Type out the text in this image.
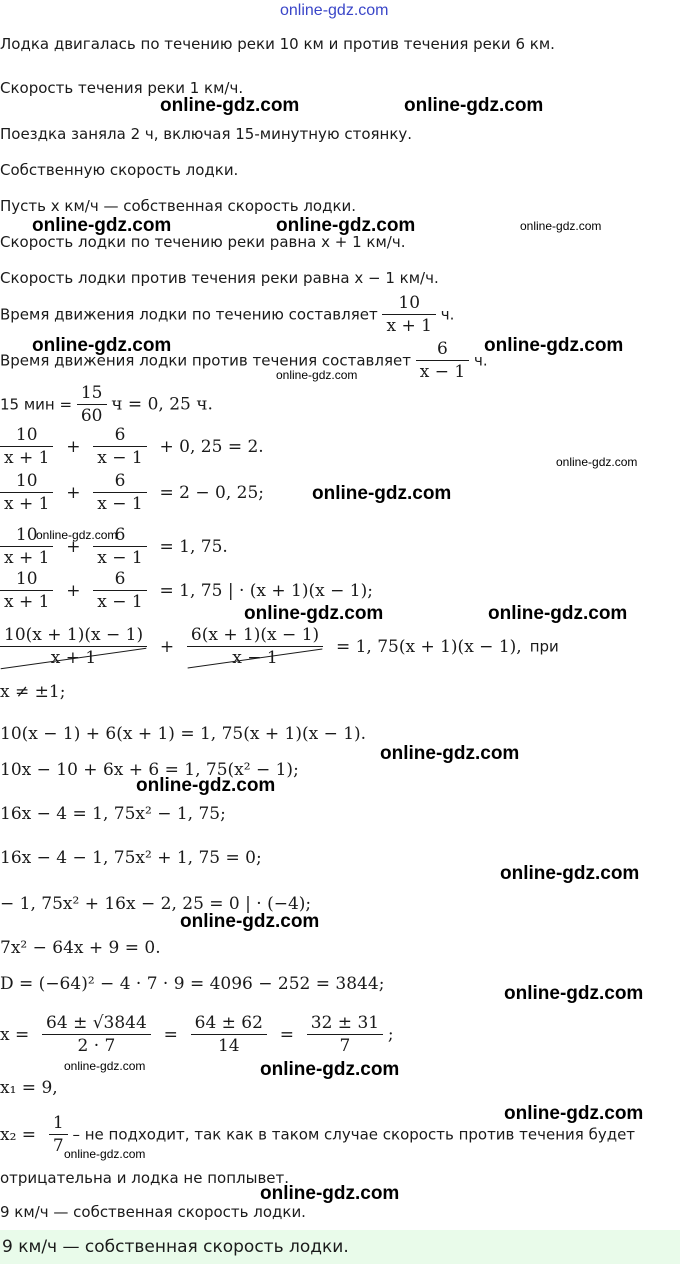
online-gdz.com
Лодка двигалась по течению реки 10 км и против течения реки 6 км.
Скорость течения реки 1 км/ч.
Поездка заняла 2 ч, включая 15-минутную стоянку.
Собственную скорость лодки.
Пусть x км/ч — собственная скорость лодки.
Скорость лодки по течению реки равна x + 1 км/ч.
Скорость лодки против течения реки равна x − 1 км/ч.
Время движения лодки по течению составляет $\frac{10}{x + 1} ч$.
Время движения лодки против течения составляет $\frac{6}{x - 1} ч$.
15 мин = $\frac{15}{60}$ ч = 0, 25 ч.
$\frac{10}{x + 1} + \frac{6}{x - 1} + 0$, 25 = 2.
$\frac{10}{x + 1} + \frac{6}{x - 1} = 2 - 0$, 25;
$\frac{10}{x + 1} + \frac{6}{x - 1} = 1$, 75.
$\frac{10}{x + 1} + \frac{6}{x - 1} = 1$, 75 | · (x + 1)(x − 1);
$\frac{10(x + 1)(x - 1)}{x + 1} + \frac{6(x + 1)(x - 1)}{x - 1} = 1$, 75(x + 1)(x − 1), при
x ≠ ±1;
10(x − 1) + 6(x + 1) = 1, 75(x + 1)(x − 1).
10x − 10 + 6x + 6 = 1, 75(x² − 1);
16x − 4 = 1, 75x² − 1, 75;
16x − 4 − 1, 75x² + 1, 75 = 0;
− 1, 75x² + 16x − 2, 25 = 0 | · (−4);
7x² − 64x + 9 = 0.
D = (−64)² − 4 · 7 · 9 = 4096 − 252 = 3844;
$x = \frac{64 \pm √3844}{2 \cdot 7} = \frac{64 \pm 62}{14} = \frac{32 \pm 31}{7}$ ;
x₁ = 9,
$x_2 = \frac{1}{7}$ – не подходит, так как в таком случае скорость против течения будет
отрицательна и лодка не поплывет.
9 км/ч — собственная скорость лодки.
9 км/ч — собственная скорость лодки.
online-gdz.com	online-gdz.com
online-gdz.com	online-gdz.com	online-gdz.com
online-gdz.com	online-gdz.com
online-gdz.com
online-gdz.com
online-gdz.com
online-gdz.com
online-gdz.com	online-gdz.com
online-gdz.com
online-gdz.com
online-gdz.com
online-gdz.com
online-gdz.com
online-gdz.com	online-gdz.com
online-gdz.com
online-gdz.com
online-gdz.com
